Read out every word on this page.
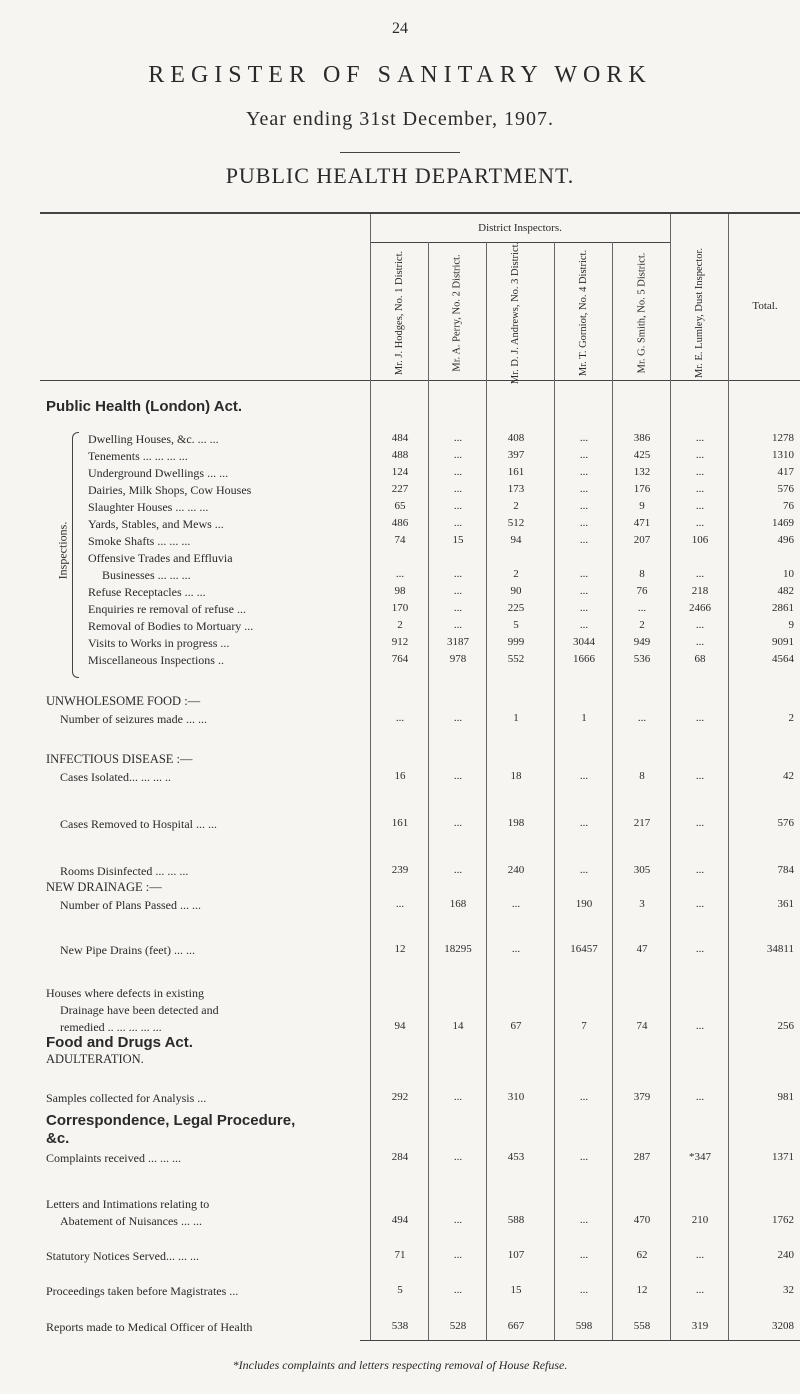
24
REGISTER OF SANITARY WORK
Year ending 31st December, 1907.
PUBLIC HEALTH DEPARTMENT.
District Inspectors.
Mr. J. Hodges, No. 1 District.	Mr. A. Perry, No. 2 District.	Mr. D. J. Andrews, No. 3 District.	Mr. T. Gorniot, No. 4 District.	Mr. G. Smith, No. 5 District.	Mr. E. Lumley, Dust Inspector.	Total.
Public Health (London) Act.
Inspections.
UNWHOLESOME FOOD :—
INFECTIOUS DISEASE :—
NEW DRAINAGE :—
Food and Drugs Act.
ADULTERATION.
Correspondence, Legal Procedure,
&c.
Dwelling Houses, &c. ... ...	484	...	408	...	386	...	1278
Tenements ... ... ... ...	488	...	397	...	425	...	1310
Underground Dwellings ... ...	124	...	161	...	132	...	417
Dairies, Milk Shops, Cow Houses	227	...	173	...	176	...	576
Slaughter Houses ... ... ...	65	...	2	...	9	...	76
Yards, Stables, and Mews ...	486	...	512	...	471	...	1469
Smoke Shafts ... ... ...	74	15	94	...	207	106	496
Offensive Trades and Effluvia
Businesses ... ... ...	...	...	2	...	8	...	10
Refuse Receptacles ... ...	98	...	90	...	76	218	482
Enquiries re removal of refuse ...	170	...	225	...	...	2466	2861
Removal of Bodies to Mortuary ...	2	...	5	...	2	...	9
Visits to Works in progress ...	912	3187	999	3044	949	...	9091
Miscellaneous Inspections ..	764	978	552	1666	536	68	4564
Number of seizures made ... ...	...	...	1	1	...	...	2
Cases Isolated... ... ... ..	16	...	18	...	8	...	42
Cases Removed to Hospital ... ...	161	...	198	...	217	...	576
Rooms Disinfected ... ... ...	239	...	240	...	305	...	784
Number of Plans Passed ... ...	...	168	...	190	3	...	361
New Pipe Drains (feet) ... ...	12	18295	...	16457	47	...	34811
Houses where defects in existing
Drainage have been detected and
remedied .. ... ... ... ...	94	14	67	7	74	...	256
Samples collected for Analysis ...	292	...	310	...	379	...	981
Complaints received ... ... ...	284	...	453	...	287	*347	1371
Letters and Intimations relating to
Abatement of Nuisances ... ...	494	...	588	...	470	210	1762
Statutory Notices Served... ... ...	71	...	107	...	62	...	240
Proceedings taken before Magistrates ...	5	...	15	...	12	...	32
Reports made to Medical Officer of Health	538	528	667	598	558	319	3208
*Includes complaints and letters respecting removal of House Refuse.
